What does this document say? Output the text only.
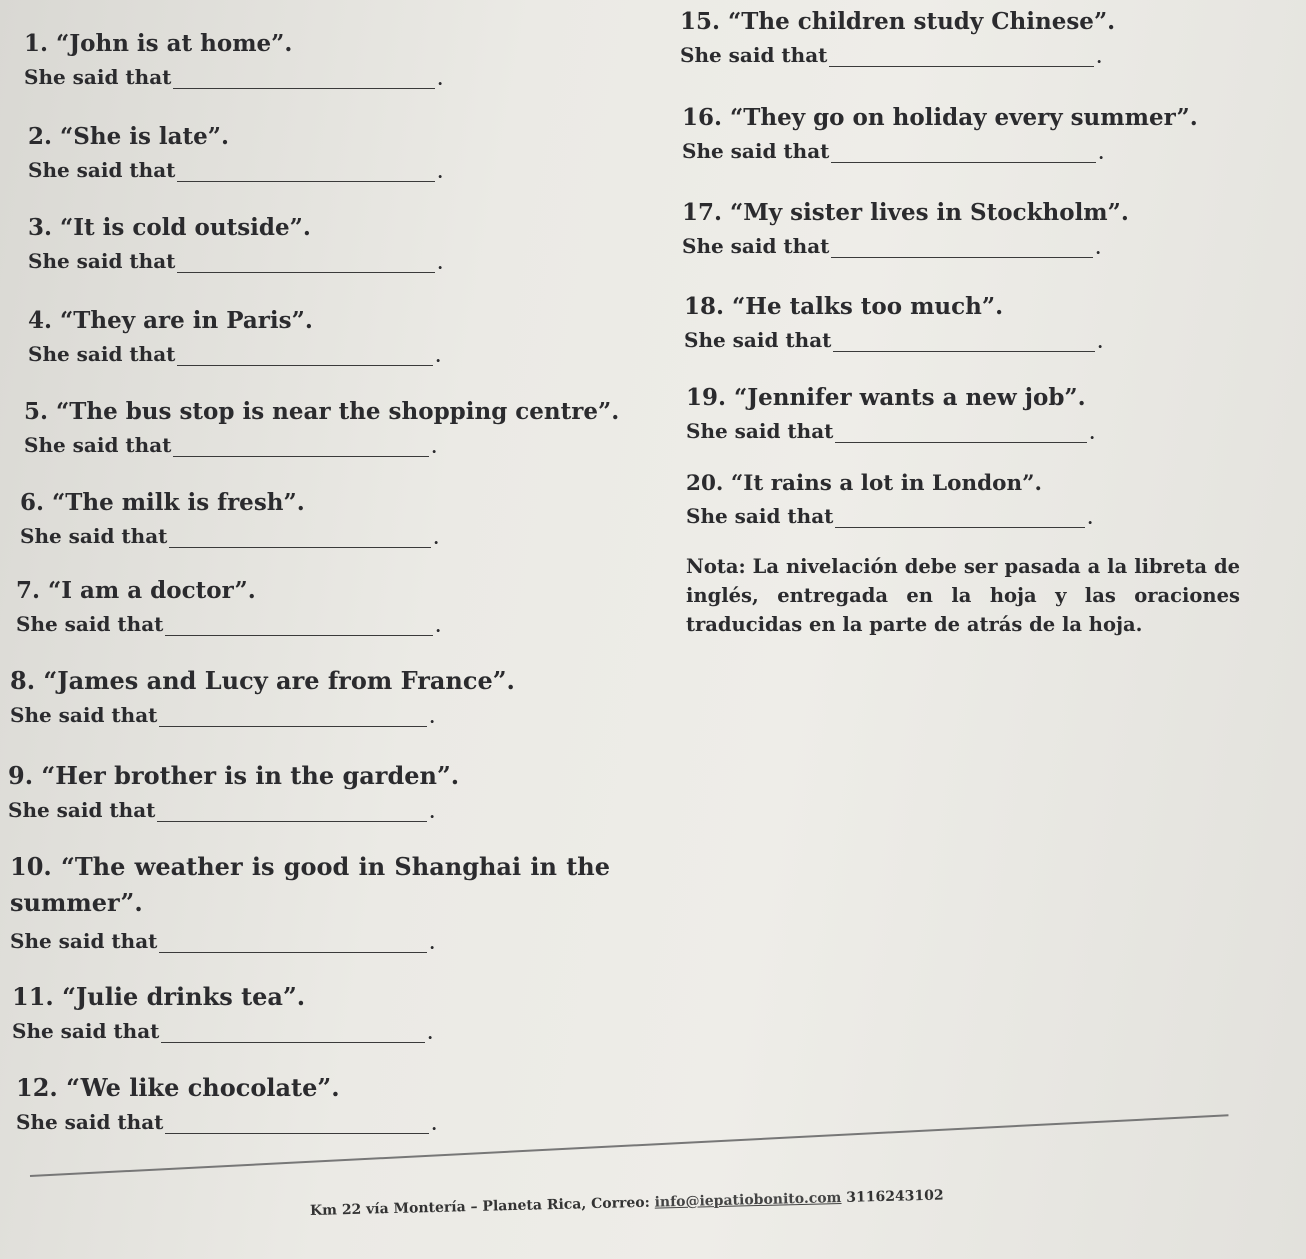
1. “John is at home”.

She said that	.

2. “She is late”.

She said that	.

3. “It is cold outside”.

She said that	.

4. “They are in Paris”.

She said that	.

5. “The bus stop is near the shopping centre”.

She said that	.

6. “The milk is fresh”.

She said that	.

7. “I am a doctor”.

She said that	.

8. “James and Lucy are from France”.

She said that	.

9. “Her brother is in the garden”.

She said that	.

10. “The weather is good in Shanghai in the summer”.

She said that	.

11. “Julie drinks tea”.

She said that	.

12. “We like chocolate”.

She said that	.

15. “The children study Chinese”.

She said that	.

16. “They go on holiday every summer”.

She said that	.

17. “My sister lives in Stockholm”.

She said that	.

18. “He talks too much”.

She said that	.

19. “Jennifer wants a new job”.

She said that	.

20. “It rains a lot in London”.

She said that	.
Nota: La nivelación debe ser pasada a la libreta de inglés, entregada en la hoja y las oraciones traducidas en la parte de atrás de la hoja.
Km 22 vía Montería – Planeta Rica, Correo: info@iepatiobonito.com 3116243102
